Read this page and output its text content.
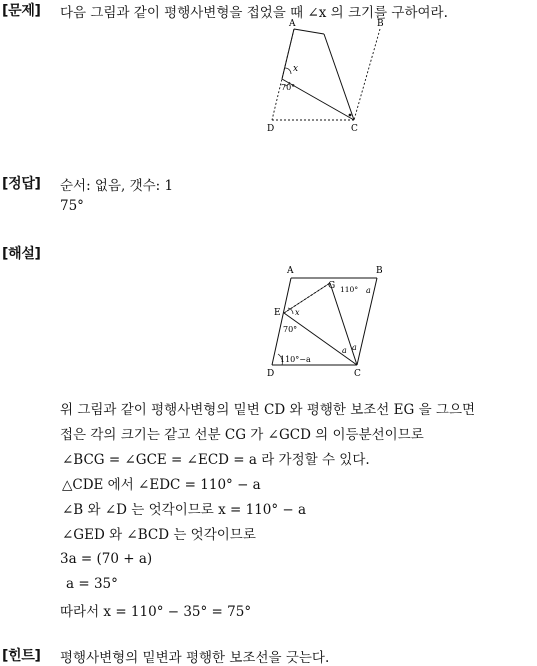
[문제] 다음 그림과 같이 평행사변형을 접었을 때 ∠x 의 크기를 구하여라.
A	B
C
D
x
70°
[정답] 순서: 없음, 갯수: 1
75°
[해설]
A	B
G
E
D	C
x
110° a
70°
110°−a
a a
위 그림과 같이 평행사변형의 밑변 CD 와 평행한 보조선 EG 을 그으면
접은 각의 크기는 같고 선분 CG 가 ∠GCD 의 이등분선이므로
∠BCG = ∠GCE = ∠ECD = a 라 가정할 수 있다.
△CDE 에서 ∠EDC = 110° − a
∠B 와 ∠D 는 엇각이므로 x = 110° − a
∠GED 와 ∠BCD 는 엇각이므로
3a = (70 + a)
a = 35°
따라서 x = 110° − 35° = 75°
[힌트] 평행사변형의 밑변과 평행한 보조선을 긋는다.
